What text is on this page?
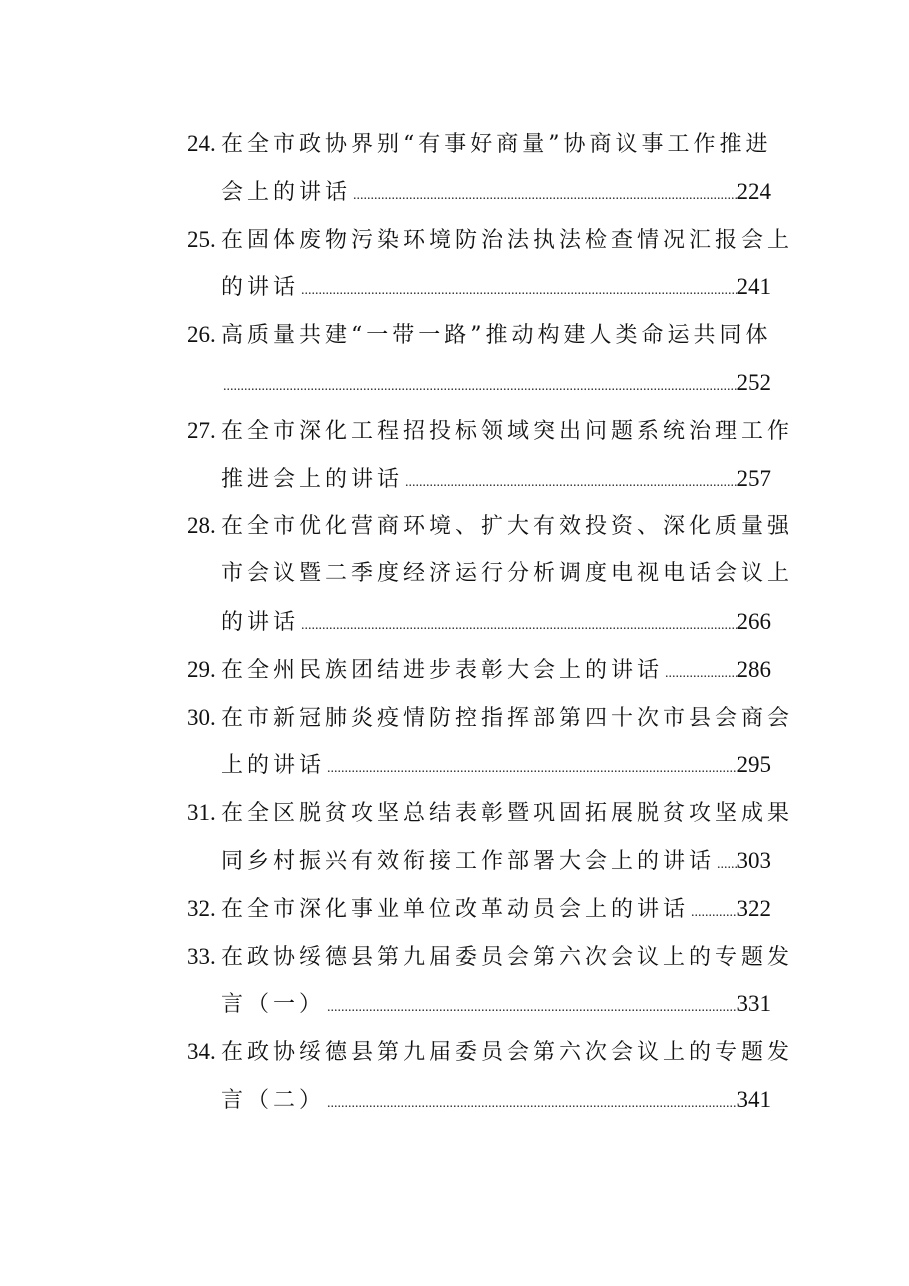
24. 在全市政协界别“有事好商量”协商议事工作推进
会上的讲话 .....	224
25. 在固体废物污染环境防治法执法检查情况汇报会上
的讲话 .....	241
26. 高质量共建“一带一路”推动构建人类命运共同体
.....
252
27. 在全市深化工程招投标领域突出问题系统治理工作
推进会上的讲话 .....	257
28. 在全市优化营商环境、扩大有效投资、深化质量强
市会议暨二季度经济运行分析调度电视电话会议上
的讲话 .....	266
29. 在全州民族团结进步表彰大会上的讲话 .....	286
30. 在市新冠肺炎疫情防控指挥部第四十次市县会商会
上的讲话 .....	295
31. 在全区脱贫攻坚总结表彰暨巩固拓展脱贫攻坚成果
同乡村振兴有效衔接工作部署大会上的讲话 ..... 303
32. 在全市深化事业单位改革动员会上的讲话 ..... 322
33. 在政协绥德县第九届委员会第六次会议上的专题发
言（一） .....	331
34. 在政协绥德县第九届委员会第六次会议上的专题发
言（二） .....	341
